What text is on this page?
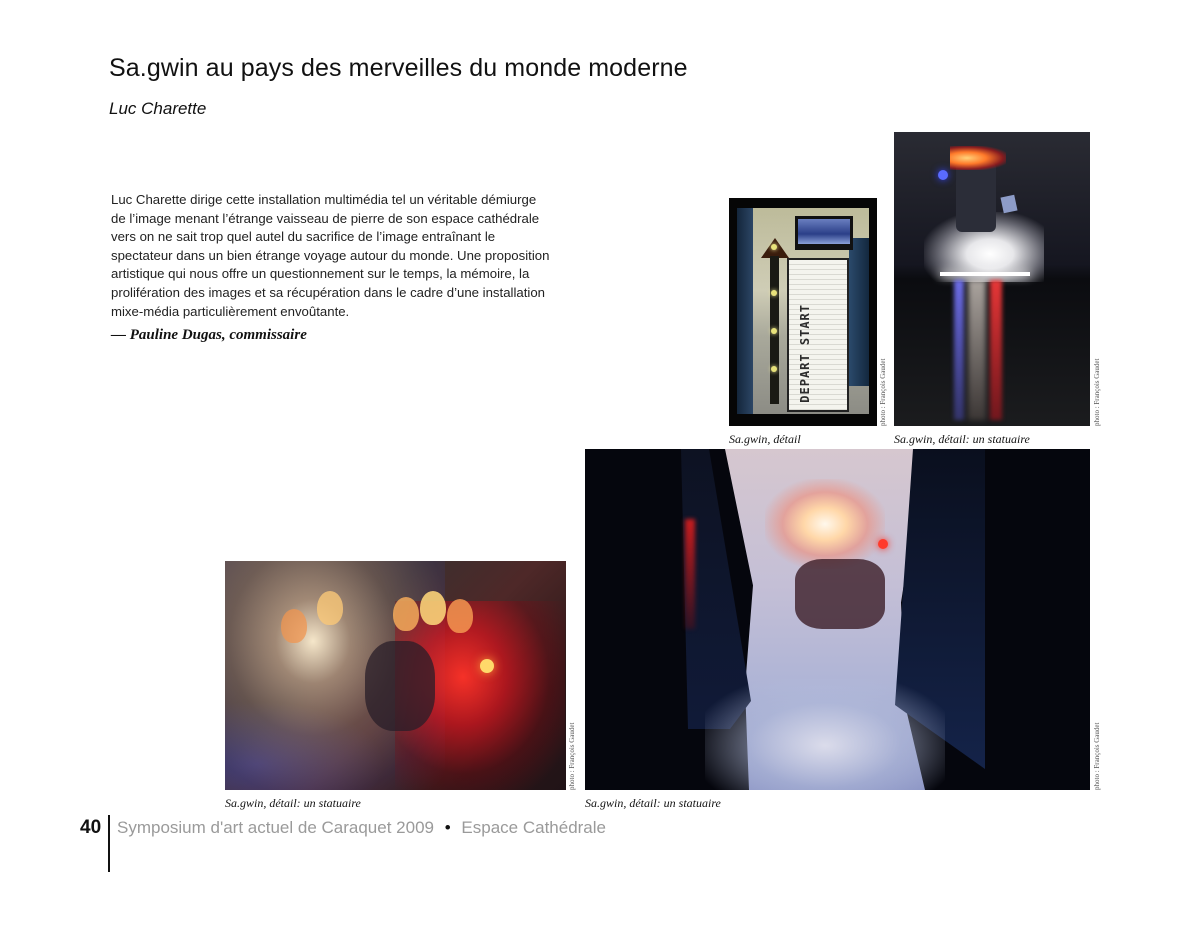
Sa.gwin au pays des merveilles du monde moderne
Luc Charette

Luc Charette dirige cette installation multimédia tel un véritable démiurge de l’image menant l’étrange vaisseau de pierre de son espace cathédrale vers on ne sait trop quel autel du sacrifice de l’image entraînant le spectateur dans un bien étrange voyage autour du monde. Une proposition artistique qui nous offre un questionnement sur le temps, la mémoire, la prolifération des images et sa récupération dans le cadre d’une installation mixe-média particulièrement envoûtante.

— Pauline Dugas, commissaire	DEPART START	photo : François Gaudet
Sa.gwin, détail
photo : François Gaudet
Sa.gwin, détail: un statuaire
photo : François Gaudet
Sa.gwin, détail: un statuaire
photo : François Gaudet
Sa.gwin, détail: un statuaire
40 Symposium d'art actuel de Caraquet 2009 • Espace Cathédrale
